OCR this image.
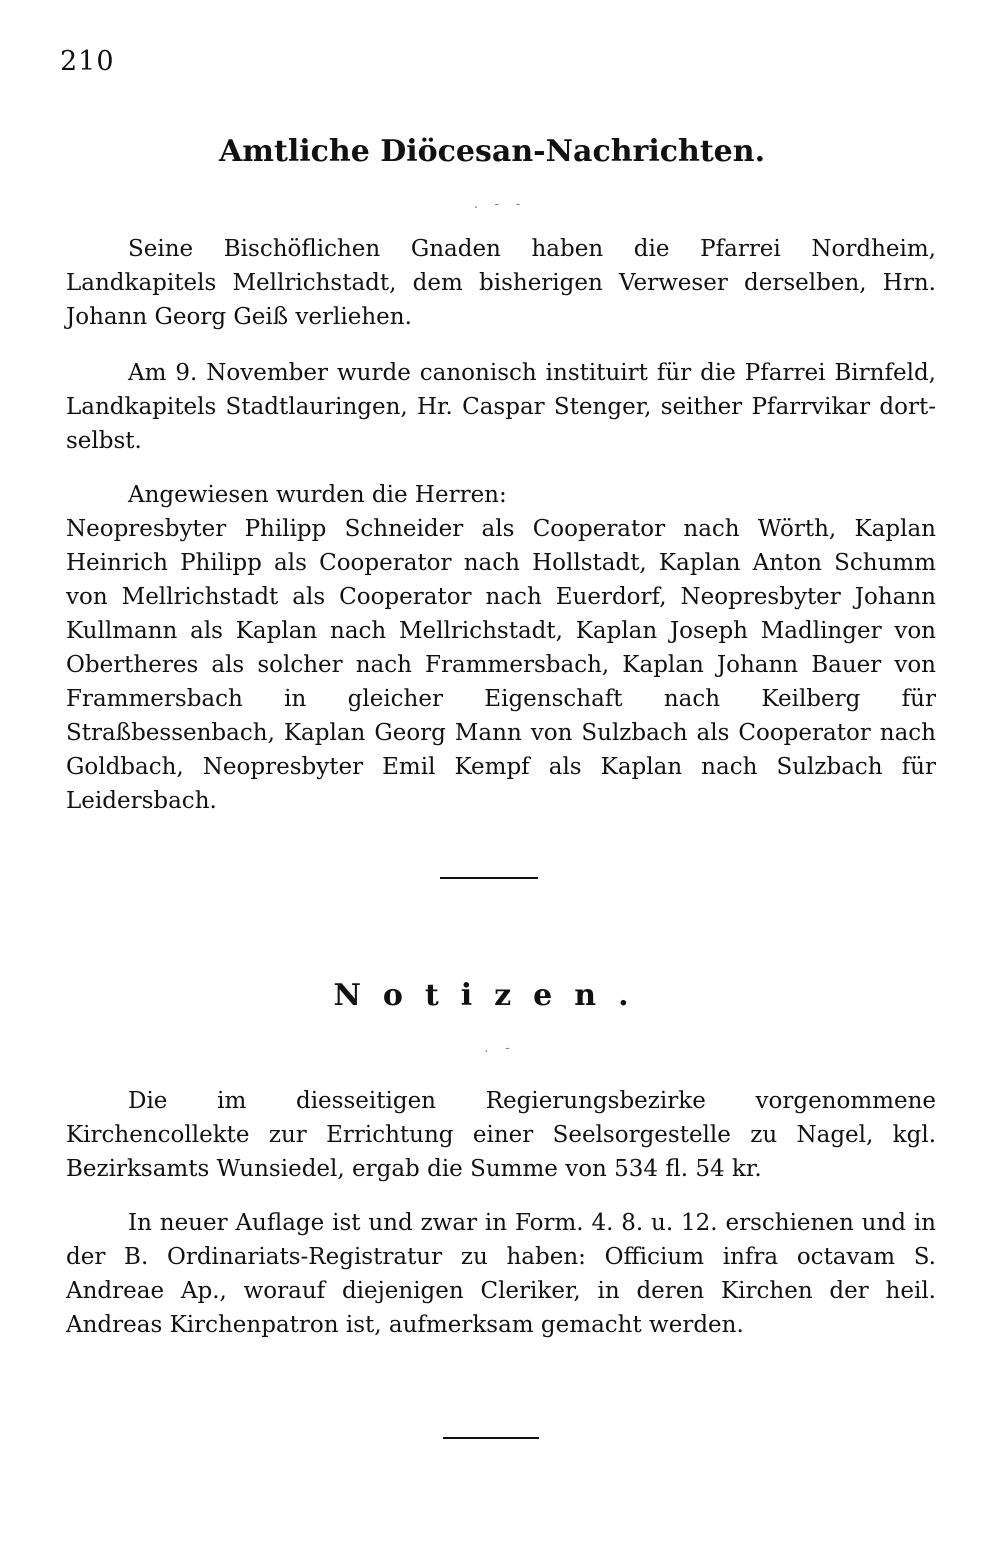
210
Amtliche Diöcesan-Nachrichten.
. - -
Seine Bischöflichen Gnaden haben die Pfarrei Nordheim, Landkapitels Mellrichstadt, dem bisherigen Verweser derselben, Hrn. Johann Georg Geiß verliehen.
Am 9. November wurde canonisch instituirt für die Pfarrei Birnfeld, Landkapitels Stadtlauringen, Hr. Caspar Stenger, seither Pfarrvikar dort-selbst.
Angewiesen wurden die Herren:
Neopresbyter Philipp Schneider als Cooperator nach Wörth, Kaplan Heinrich Philipp als Cooperator nach Hollstadt, Kaplan Anton Schumm von Mellrichstadt als Cooperator nach Euerdorf, Neopresbyter Johann Kullmann als Kaplan nach Mellrichstadt, Kaplan Joseph Madlinger von Obertheres als solcher nach Frammersbach, Kaplan Johann Bauer von Frammersbach in gleicher Eigenschaft nach Keilberg für Straßbessenbach, Kaplan Georg Mann von Sulzbach als Cooperator nach Goldbach, Neopresbyter Emil Kempf als Kaplan nach Sulzbach für Leidersbach.
Notizen.
. -
Die im diesseitigen Regierungsbezirke vorgenommene Kirchencollekte zur Errichtung einer Seelsorgestelle zu Nagel, kgl. Bezirksamts Wunsiedel, ergab die Summe von 534 fl. 54 kr.
In neuer Auflage ist und zwar in Form. 4. 8. u. 12. erschienen und in der B. Ordinariats-Registratur zu haben: Officium infra octavam S. Andreae Ap., worauf diejenigen Cleriker, in deren Kirchen der heil. Andreas Kirchenpatron ist, aufmerksam gemacht werden.
